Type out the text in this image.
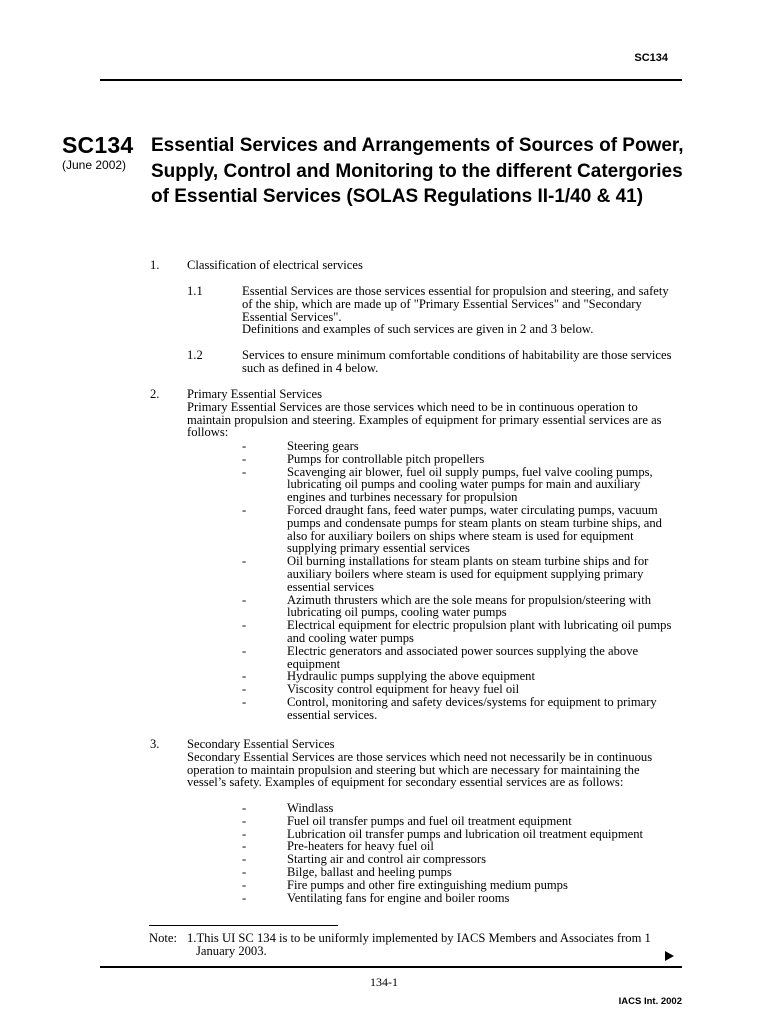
SC134
SC134
(June 2002)
Essential Services and Arrangements of Sources of Power, Supply, Control and Monitoring to the different Catergories of Essential Services (SOLAS Regulations II-1/40 & 41)
1.	Classification of electrical services
1.1	Essential Services are those services essential for propulsion and steering, and safety
of the ship, which are made up of "Primary Essential Services" and "Secondary
Essential Services".
Definitions and examples of such services are given in 2 and 3 below.
1.2	Services to ensure minimum comfortable conditions of habitability are those services
such as defined in 4 below.
2.	Primary Essential Services
Primary Essential Services are those services which need to be in continuous operation to
maintain propulsion and steering. Examples of equipment for primary essential services are as
follows:
-	Steering gears
-	Pumps for controllable pitch propellers
-	Scavenging air blower, fuel oil supply pumps, fuel valve cooling pumps,
lubricating oil pumps and cooling water pumps for main and auxiliary
engines and turbines necessary for propulsion
-	Forced draught fans, feed water pumps, water circulating pumps, vacuum
pumps and condensate pumps for steam plants on steam turbine ships, and
also for auxiliary boilers on ships where steam is used for equipment
supplying primary essential services
-	Oil burning installations for steam plants on steam turbine ships and for
auxiliary boilers where steam is used for equipment supplying primary
essential services
-	Azimuth thrusters which are the sole means for propulsion/steering with
lubricating oil pumps, cooling water pumps
-	Electrical equipment for electric propulsion plant with lubricating oil pumps
and cooling water pumps
-	Electric generators and associated power sources supplying the above
equipment
-	Hydraulic pumps supplying the above equipment
-	Viscosity control equipment for heavy fuel oil
-	Control, monitoring and safety devices/systems for equipment to primary
essential services.
3.	Secondary Essential Services
Secondary Essential Services are those services which need not necessarily be in continuous
operation to maintain propulsion and steering but which are necessary for maintaining the
vessel’s safety. Examples of equipment for secondary essential services are as follows:
-	Windlass
-	Fuel oil transfer pumps and fuel oil treatment equipment
-	Lubrication oil transfer pumps and lubrication oil treatment equipment
-	Pre-heaters for heavy fuel oil
-	Starting air and control air compressors
-	Bilge, ballast and heeling pumps
-	Fire pumps and other fire extinguishing medium pumps
-	Ventilating fans for engine and boiler rooms
Note: 1.This UI SC 134 is to be uniformly implemented by IACS Members and Associates from 1
January 2003.
134-1
IACS Int. 2002
